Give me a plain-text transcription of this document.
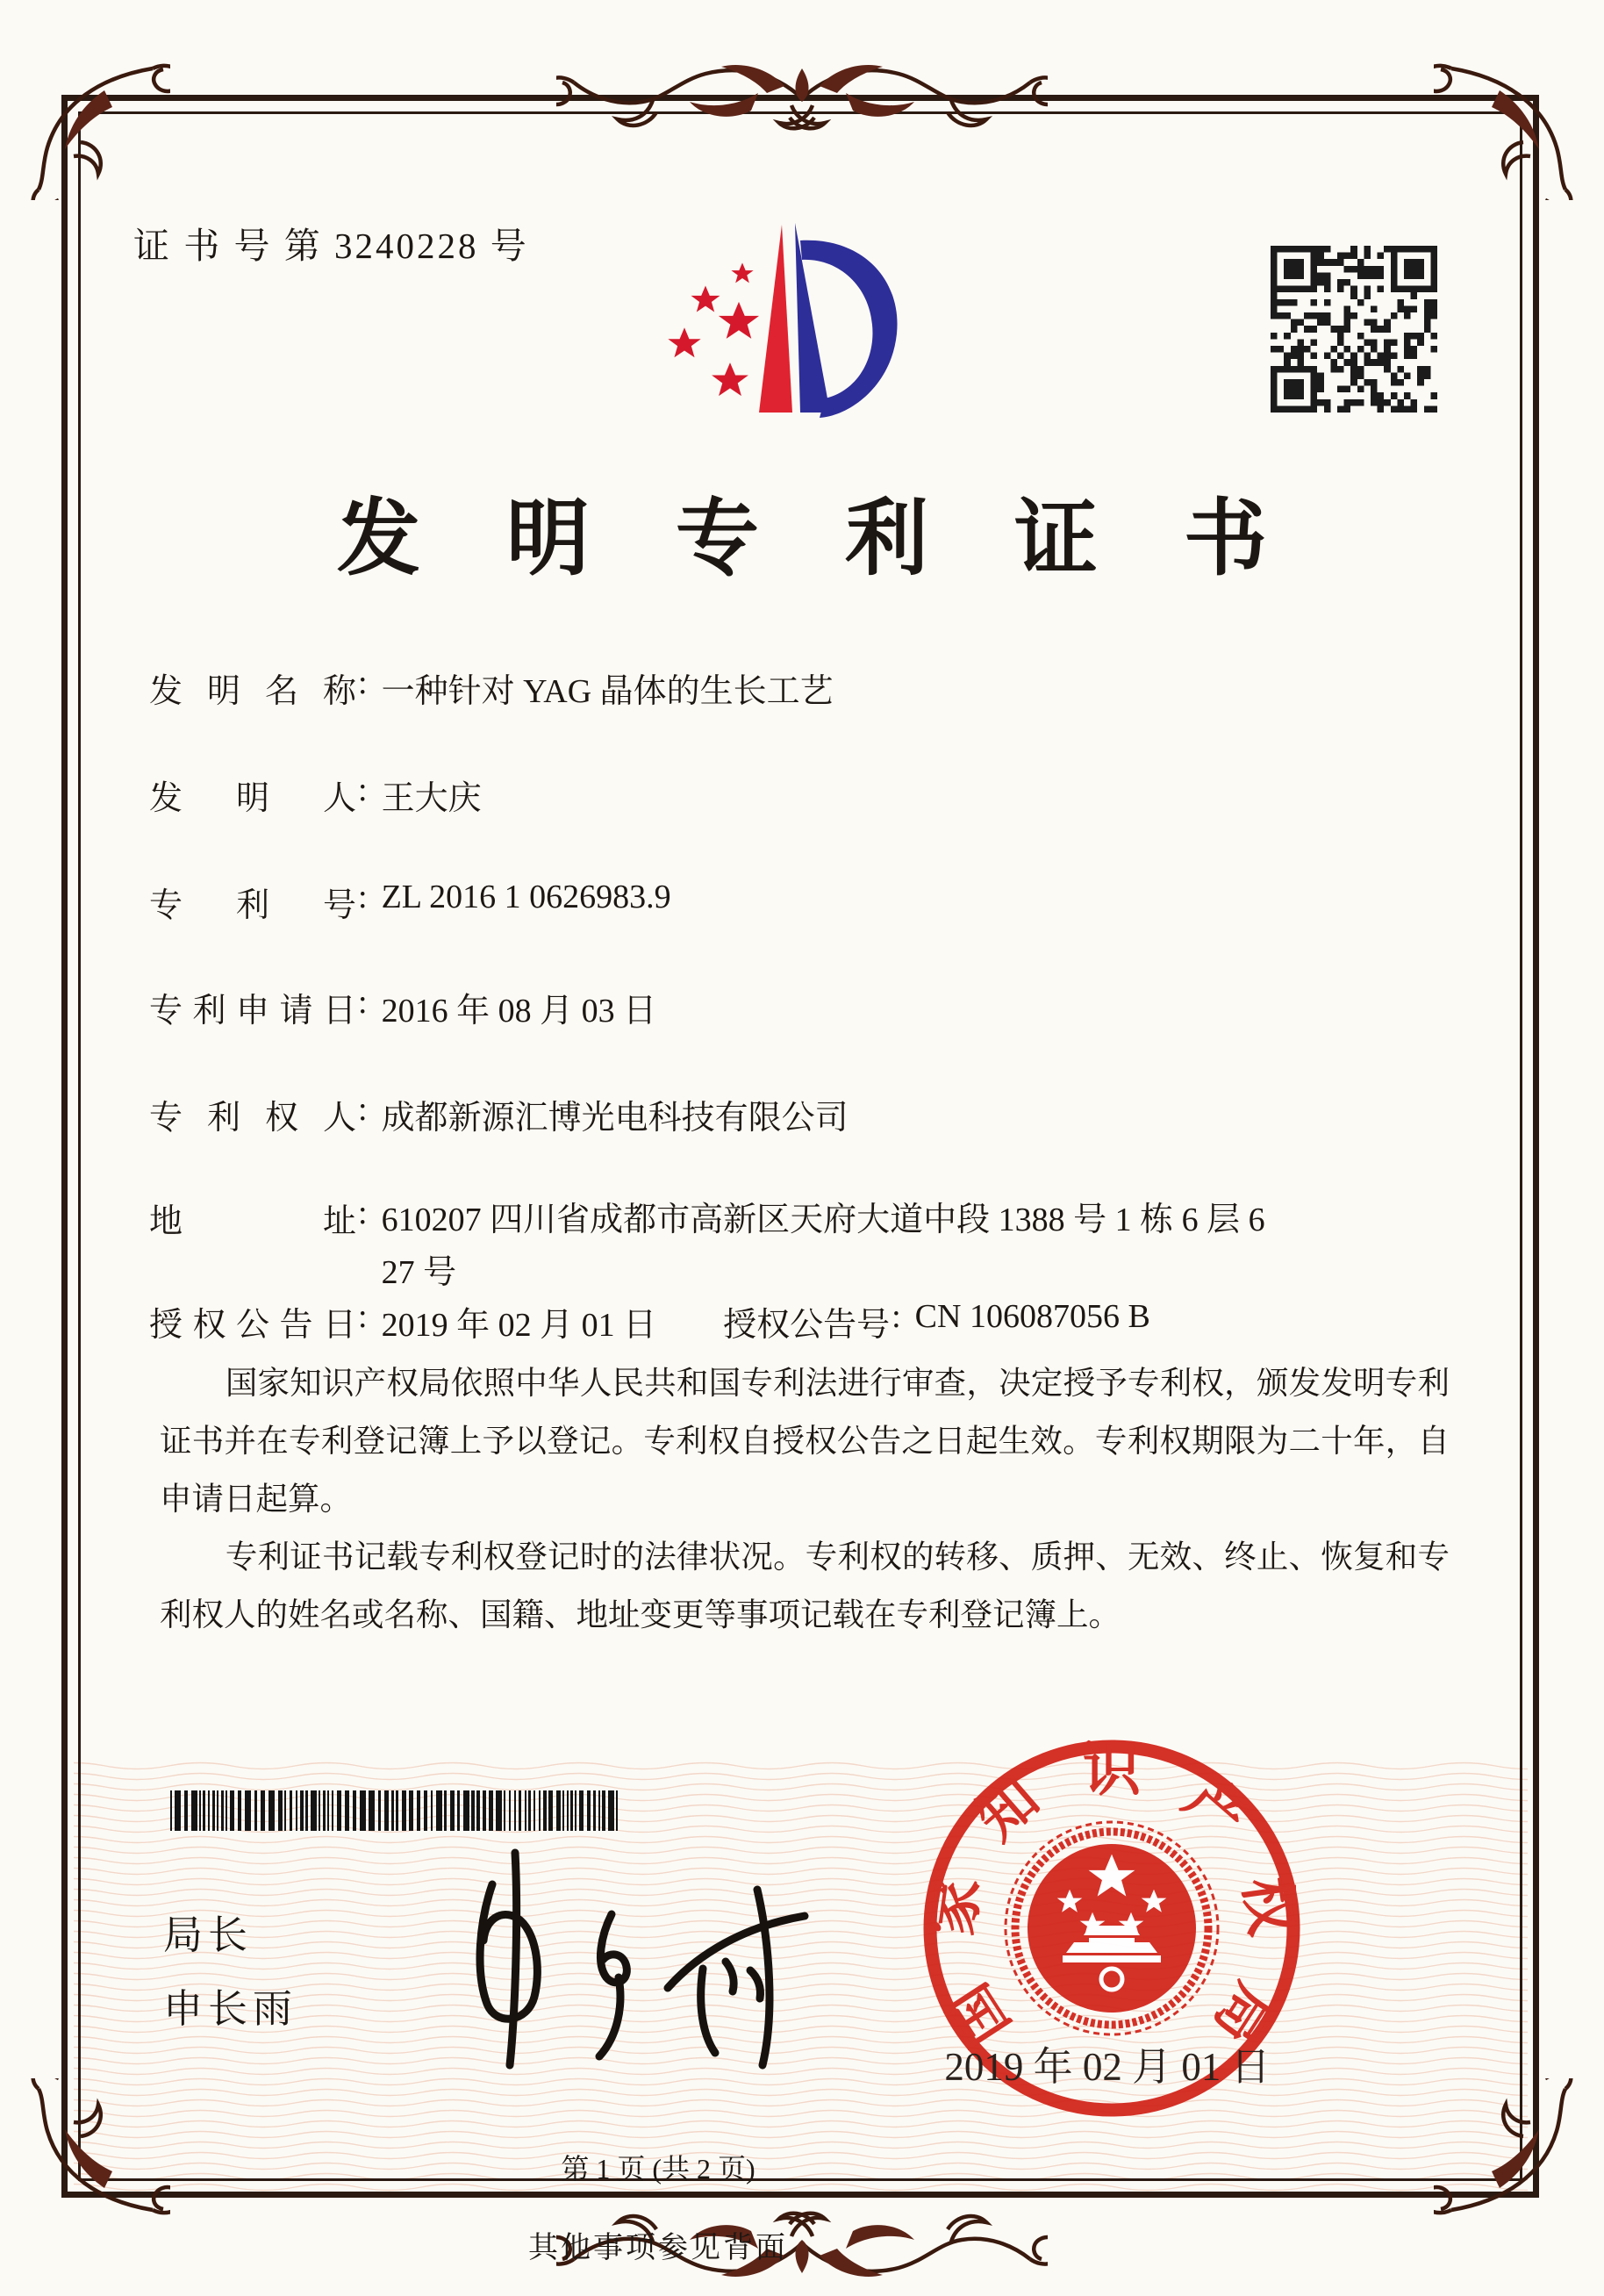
证 书 号 第 3240228 号
发明专利证书
发明名称 : 一种针对 YAG 晶体的生长工艺
发明人 : 王大庆
专利号 : ZL 2016 1 0626983.9
专利申请日 : 2016 年 08 月 03 日
专利权人 : 成都新源汇博光电科技有限公司
地址 : 610207 四川省成都市高新区天府大道中段 1388 号 1 栋 6 层 6
27 号
授权公告日 : 2019 年 02 月 01 日 授权公告号 : CN 106087056 B

国家知识产权局依照中华人民共和国专利法进行审查，决定授予专利权，颁发发明专利证书并在专利登记簿上予以登记。专利权自授权公告之日起生效。专利权期限为二十年，自申请日起算。

专利证书记载专利权登记时的法律状况。专利权的转移、质押、无效、终止、恢复和专利权人的姓名或名称、国籍、地址变更等事项记载在专利登记簿上。

局长
申长雨	国
家
知 识 产
权
局
2019 年 02 月 01 日
第 1 页 (共 2 页)
其他事项参见背面
